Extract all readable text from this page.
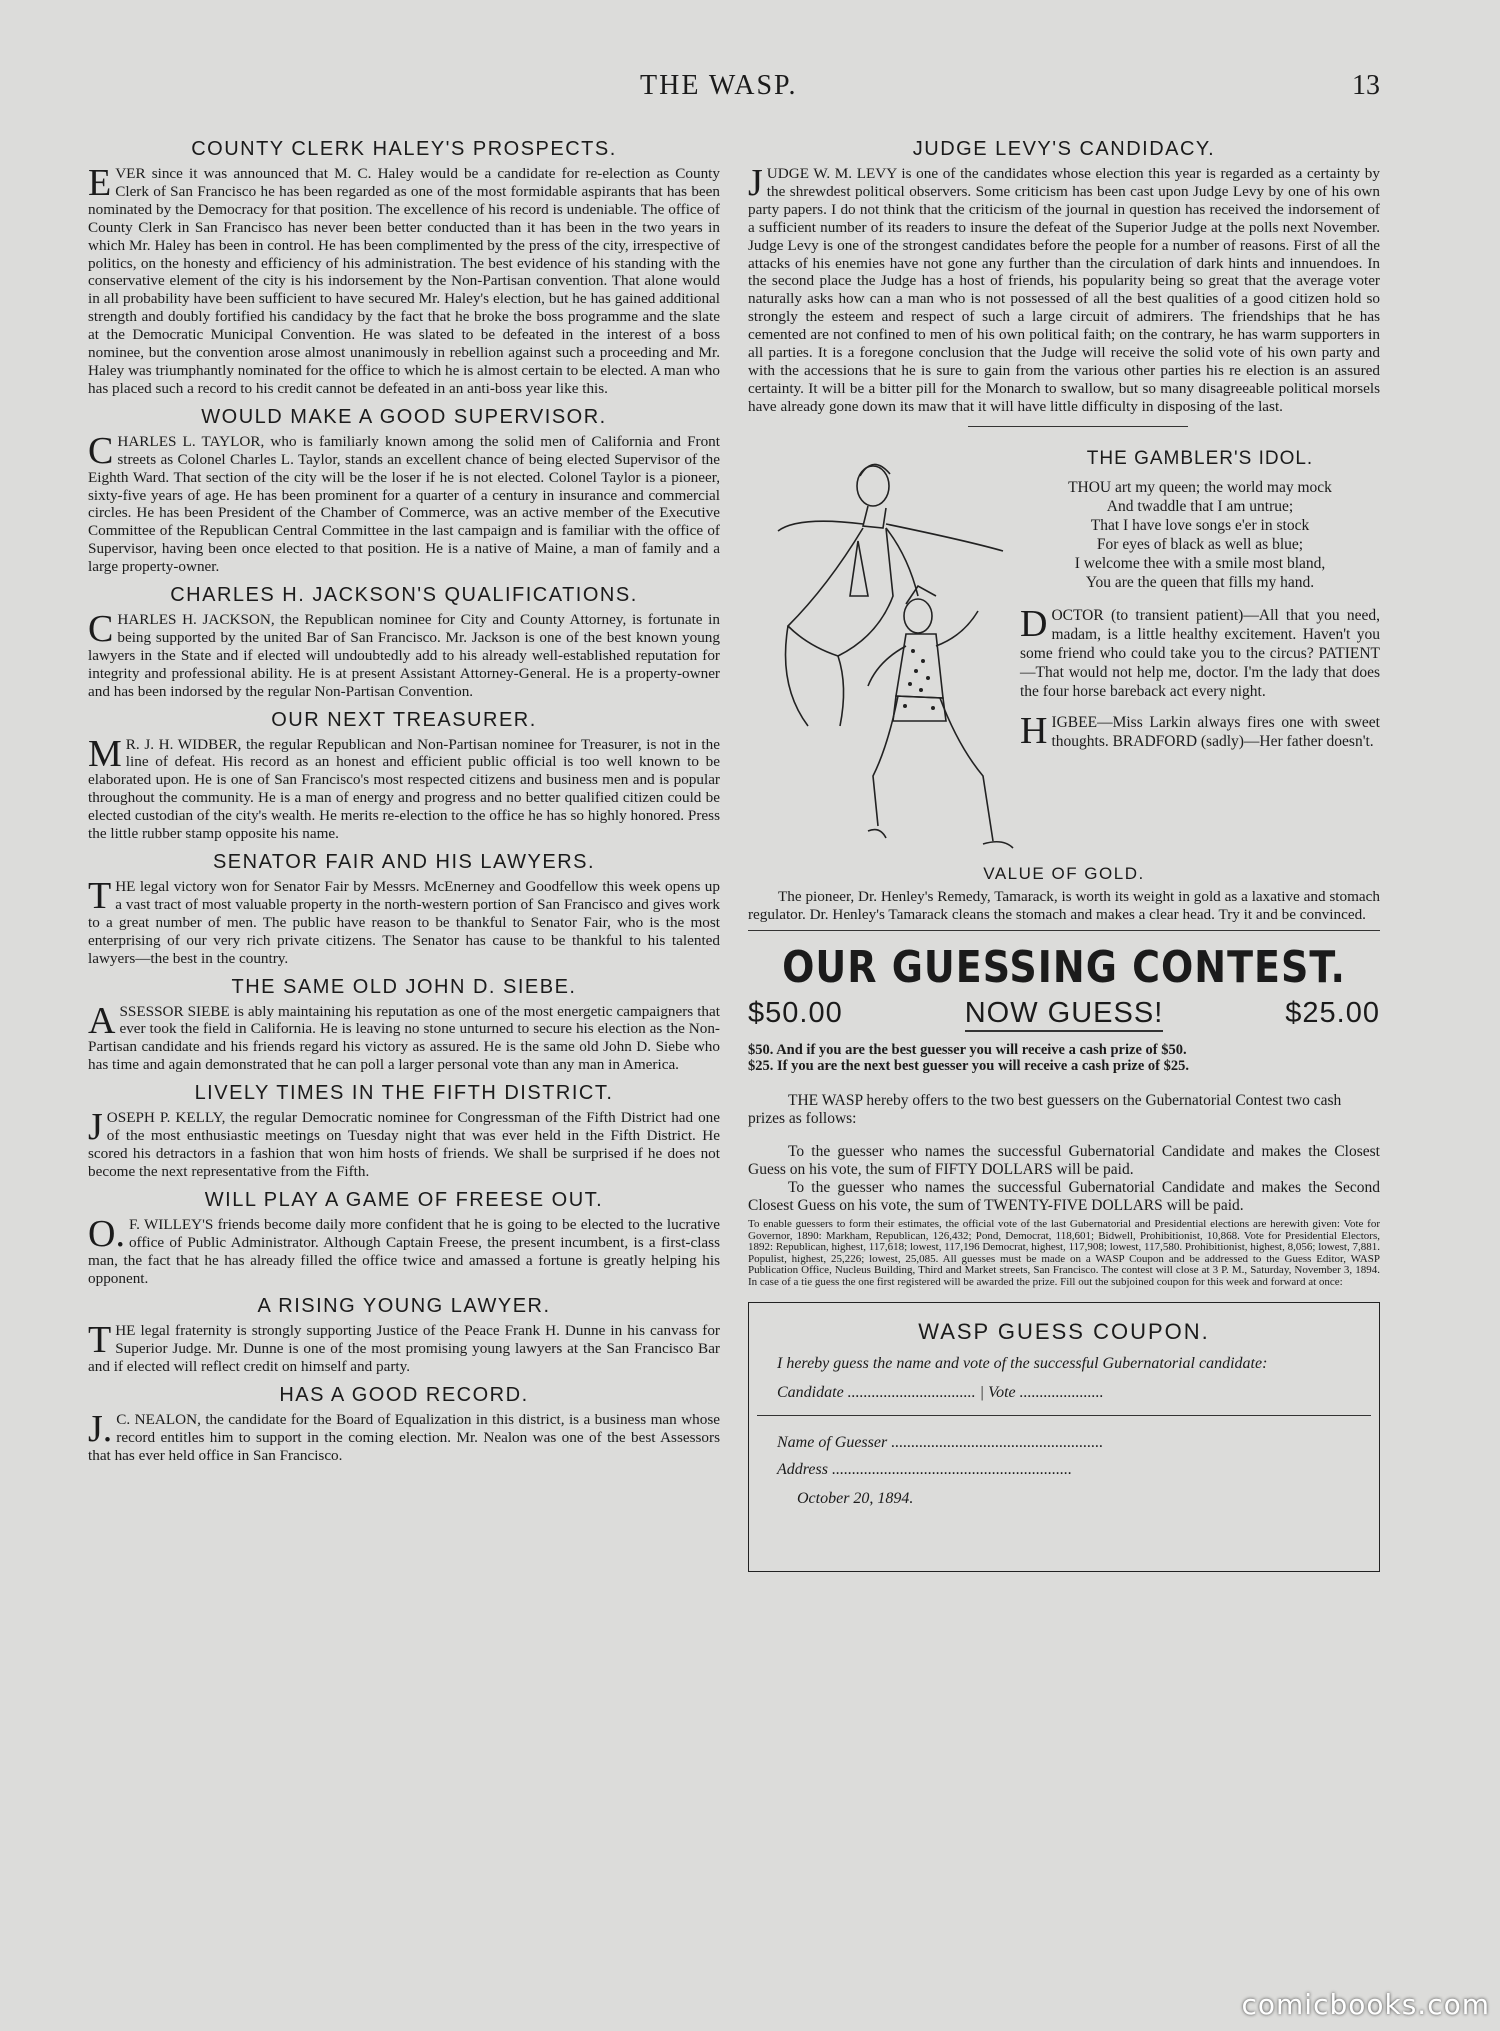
THE WASP.	13
COUNTY CLERK HALEY'S PROSPECTS.

EVER since it was announced that M. C. Haley would be a candidate for re-election as County Clerk of San Francisco he has been regarded as one of the most formidable aspirants that has been nominated by the Democracy for that position. The excellence of his record is undeniable. The office of County Clerk in San Francisco has never been better conducted than it has been in the two years in which Mr. Haley has been in control. He has been complimented by the press of the city, irrespective of politics, on the honesty and efficiency of his administration. The best evidence of his standing with the conservative element of the city is his indorsement by the Non-Partisan convention. That alone would in all probability have been sufficient to have secured Mr. Haley's election, but he has gained additional strength and doubly fortified his candidacy by the fact that he broke the boss programme and the slate at the Democratic Municipal Convention. He was slated to be defeated in the interest of a boss nominee, but the convention arose almost unanimously in rebellion against such a proceeding and Mr. Haley was triumphantly nominated for the office to which he is almost certain to be elected. A man who has placed such a record to his credit cannot be defeated in an anti-boss year like this.

WOULD MAKE A GOOD SUPERVISOR.

CHARLES L. TAYLOR, who is familiarly known among the solid men of California and Front streets as Colonel Charles L. Taylor, stands an excellent chance of being elected Supervisor of the Eighth Ward. That section of the city will be the loser if he is not elected. Colonel Taylor is a pioneer, sixty-five years of age. He has been prominent for a quarter of a century in insurance and commercial circles. He has been President of the Chamber of Commerce, was an active member of the Executive Committee of the Republican Central Committee in the last campaign and is familiar with the office of Supervisor, having been once elected to that position. He is a native of Maine, a man of family and a large property-owner.

CHARLES H. JACKSON'S QUALIFICATIONS.

CHARLES H. JACKSON, the Republican nominee for City and County Attorney, is fortunate in being supported by the united Bar of San Francisco. Mr. Jackson is one of the best known young lawyers in the State and if elected will undoubtedly add to his already well-established reputation for integrity and professional ability. He is at present Assistant Attorney-General. He is a property-owner and has been indorsed by the regular Non-Partisan Convention.

OUR NEXT TREASURER.

M R. J. H. WIDBER, the regular Republican and Non-Partisan nominee for Treasurer, is not in the line of defeat. His record as an honest and efficient public official is too well known to be elaborated upon. He is one of San Francisco's most respected citizens and business men and is popular throughout the community. He is a man of energy and progress and no better qualified citizen could be elected custodian of the city's wealth. He merits re-election to the office he has so highly honored. Press the little rubber stamp opposite his name.

SENATOR FAIR AND HIS LAWYERS.

THE legal victory won for Senator Fair by Messrs. McEnerney and Goodfellow this week opens up a vast tract of most valuable property in the north-western portion of San Francisco and gives work to a great number of men. The public have reason to be thankful to Senator Fair, who is the most enterprising of our very rich private citizens. The Senator has cause to be thankful to his talented lawyers—the best in the country.

THE SAME OLD JOHN D. SIEBE.

ASSESSOR SIEBE is ably maintaining his reputation as one of the most energetic campaigners that ever took the field in California. He is leaving no stone unturned to secure his election as the Non-Partisan candidate and his friends regard his victory as assured. He is the same old John D. Siebe who has time and again demonstrated that he can poll a larger personal vote than any man in America.

LIVELY TIMES IN THE FIFTH DISTRICT.

JOSEPH P. KELLY, the regular Democratic nominee for Congressman of the Fifth District had one of the most enthusiastic meetings on Tuesday night that was ever held in the Fifth District. He scored his detractors in a fashion that won him hosts of friends. We shall be surprised if he does not become the next representative from the Fifth.

WILL PLAY A GAME OF FREESE OUT.

O. F. WILLEY'S friends become daily more confident that he is going to be elected to the lucrative office of Public Administrator. Although Captain Freese, the present incumbent, is a first-class man, the fact that he has already filled the office twice and amassed a fortune is greatly helping his opponent.

A RISING YOUNG LAWYER.

THE legal fraternity is strongly supporting Justice of the Peace Frank H. Dunne in his canvass for Superior Judge. Mr. Dunne is one of the most promising young lawyers at the San Francisco Bar and if elected will reflect credit on himself and party.

HAS A GOOD RECORD.

J. C. NEALON, the candidate for the Board of Equalization in this district, is a business man whose record entitles him to support in the coming election. Mr. Nealon was one of the best Assessors that has ever held office in San Francisco.

JUDGE LEVY'S CANDIDACY.

JUDGE W. M. LEVY is one of the candidates whose election this year is regarded as a certainty by the shrewdest political observers. Some criticism has been cast upon Judge Levy by one of his own party papers. I do not think that the criticism of the journal in question has received the indorsement of a sufficient number of its readers to insure the defeat of the Superior Judge at the polls next November. Judge Levy is one of the strongest candidates before the people for a number of reasons. First of all the attacks of his enemies have not gone any further than the circulation of dark hints and innuendoes. In the second place the Judge has a host of friends, his popularity being so great that the average voter naturally asks how can a man who is not possessed of all the best qualities of a good citizen hold so strongly the esteem and respect of such a large circuit of admirers. The friendships that he has cemented are not confined to men of his own political faith; on the contrary, he has warm supporters in all parties. It is a foregone conclusion that the Judge will receive the solid vote of his own party and with the accessions that he is sure to gain from the various other parties his re election is an assured certainty. It will be a bitter pill for the Monarch to swallow, but so many disagreeable political morsels have already gone down its maw that it will have little difficulty in disposing of the last.

THE GAMBLER'S IDOL.
THOU art my queen; the world may mock
And twaddle that I am untrue;
That I have love songs e'er in stock
For eyes of black as well as blue;
I welcome thee with a smile most bland,
You are the queen that fills my hand.

DOCTOR (to transient patient)—All that you need, madam, is a little healthy excitement. Haven't you some friend who could take you to the circus? PATIENT—That would not help me, doctor. I'm the lady that does the four horse bareback act every night.

HIGBEE—Miss Larkin always fires one with sweet thoughts. BRADFORD (sadly)—Her father doesn't.

VALUE OF GOLD.

The pioneer, Dr. Henley's Remedy, Tamarack, is worth its weight in gold as a laxative and stomach regulator. Dr. Henley's Tamarack cleans the stomach and makes a clear head. Try it and be convinced.

OUR GUESSING CONTEST.
$50.00	NOW GUESS!	$25.00

$50. And if you are the best guesser you will receive a cash prize of $50.

$25. If you are the next best guesser you will receive a cash prize of $25.

THE WASP hereby offers to the two best guessers on the Gubernatorial Contest two cash prizes as follows:

To the guesser who names the successful Gubernatorial Candidate and makes the Closest Guess on his vote, the sum of FIFTY DOLLARS will be paid.

To the guesser who names the successful Gubernatorial Candidate and makes the Second Closest Guess on his vote, the sum of TWENTY-FIVE DOLLARS will be paid.

To enable guessers to form their estimates, the official vote of the last Gubernatorial and Presidential elections are herewith given: Vote for Governor, 1890: Markham, Republican, 126,432; Pond, Democrat, 118,601; Bidwell, Prohibitionist, 10,868. Vote for Presidential Electors, 1892: Republican, highest, 117,618; lowest, 117,196 Democrat, highest, 117,908; lowest, 117,580. Prohibitionist, highest, 8,056; lowest, 7,881. Populist, highest, 25,226; lowest, 25,085. All guesses must be made on a WASP Coupon and be addressed to the Guess Editor, WASP Publication Office, Nucleus Building, Third and Market streets, San Francisco. The contest will close at 3 P. M., Saturday, November 3, 1894. In case of a tie guess the one first registered will be awarded the prize. Fill out the subjoined coupon for this week and forward at once:

WASP GUESS COUPON.
I hereby guess the name and vote of the successful Gubernatorial candidate:
Candidate ................................ | Vote .....................
Name of Guesser .....................................................
Address ............................................................
October 20, 1894.
comicbooks.com
